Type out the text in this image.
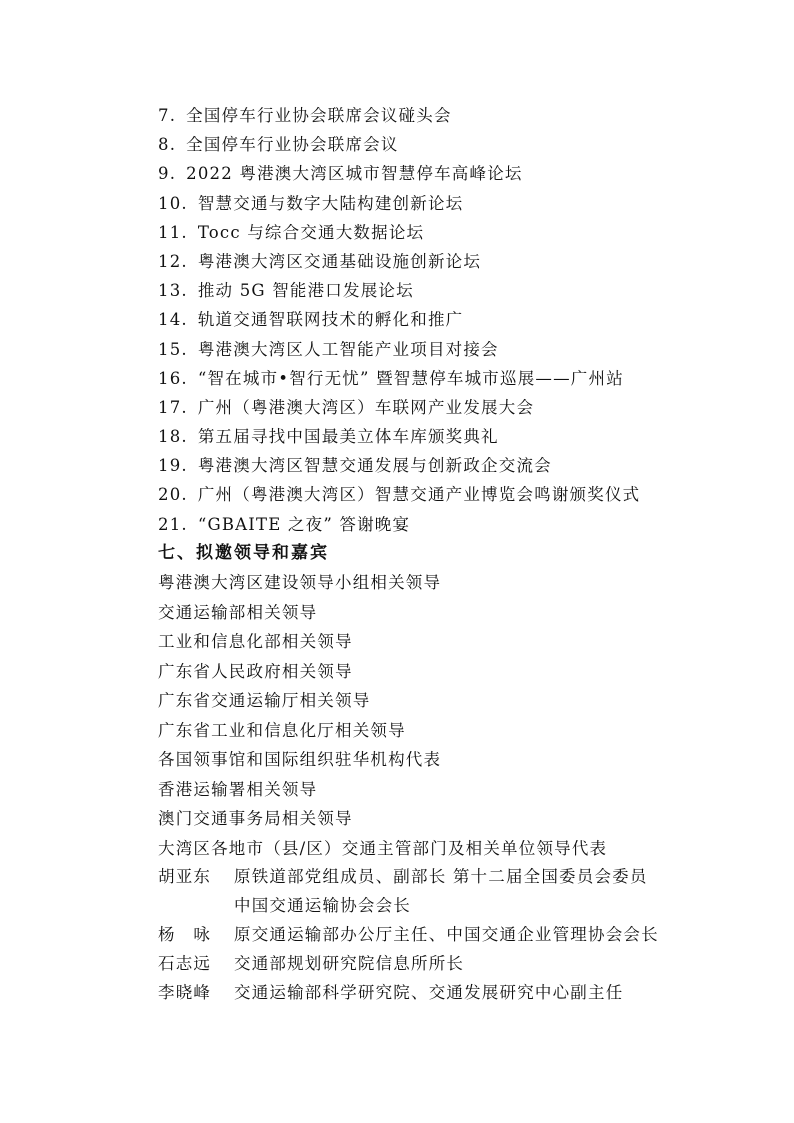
7. 全国停车行业协会联席会议碰头会
8. 全国停车行业协会联席会议
9. 2022 粤港澳大湾区城市智慧停车高峰论坛
10. 智慧交通与数字大陆构建创新论坛
11. Tocc 与综合交通大数据论坛
12. 粤港澳大湾区交通基础设施创新论坛
13. 推动 5G 智能港口发展论坛
14. 轨道交通智联网技术的孵化和推广
15. 粤港澳大湾区人工智能产业项目对接会
16. “智在城市•智行无忧” 暨智慧停车城市巡展——广州站
17. 广州（粤港澳大湾区）车联网产业发展大会
18. 第五届寻找中国最美立体车库颁奖典礼
19. 粤港澳大湾区智慧交通发展与创新政企交流会
20. 广州（粤港澳大湾区）智慧交通产业博览会鸣谢颁奖仪式
21. “GBAITE 之夜” 答谢晚宴
七、拟邀领导和嘉宾
粤港澳大湾区建设领导小组相关领导
交通运输部相关领导
工业和信息化部相关领导
广东省人民政府相关领导
广东省交通运输厅相关领导
广东省工业和信息化厅相关领导
各国领事馆和国际组织驻华机构代表
香港运输署相关领导
澳门交通事务局相关领导
大湾区各地市（县/区）交通主管部门及相关单位领导代表
胡亚东	原铁道部党组成员、副部长 第十二届全国委员会委员
中国交通运输协会会长
杨　咏	原交通运输部办公厅主任、中国交通企业管理协会会长
石志远	交通部规划研究院信息所所长
李晓峰	交通运输部科学研究院、交通发展研究中心副主任
